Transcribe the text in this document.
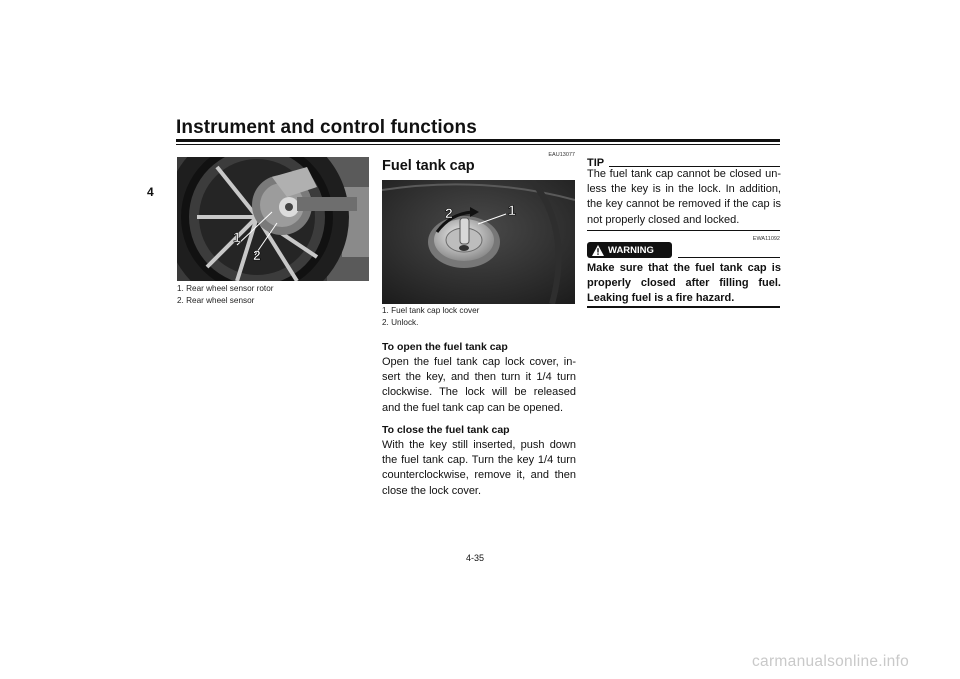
Instrument and control functions
4
1
2
1. Rear wheel sensor rotor
2. Rear wheel sensor
EAU13077
Fuel tank cap
2	1
1. Fuel tank cap lock cover
2. Unlock.
To open the fuel tank cap
Open the fuel tank cap lock cover, in-sert the key, and then turn it 1/4 turn clockwise. The lock will be released and the fuel tank cap can be opened.
To close the fuel tank cap
With the key still inserted, push down the fuel tank cap. Turn the key 1/4 turn counterclockwise, remove it, and then close the lock cover.
TIP
The fuel tank cap cannot be closed un-less the key is in the lock. In addition, the key cannot be removed if the cap is not properly closed and locked.
EWA11092
WARNING
Make sure that the fuel tank cap is properly closed after filling fuel. Leaking fuel is a fire hazard.
4-35
carmanualsonline.info
